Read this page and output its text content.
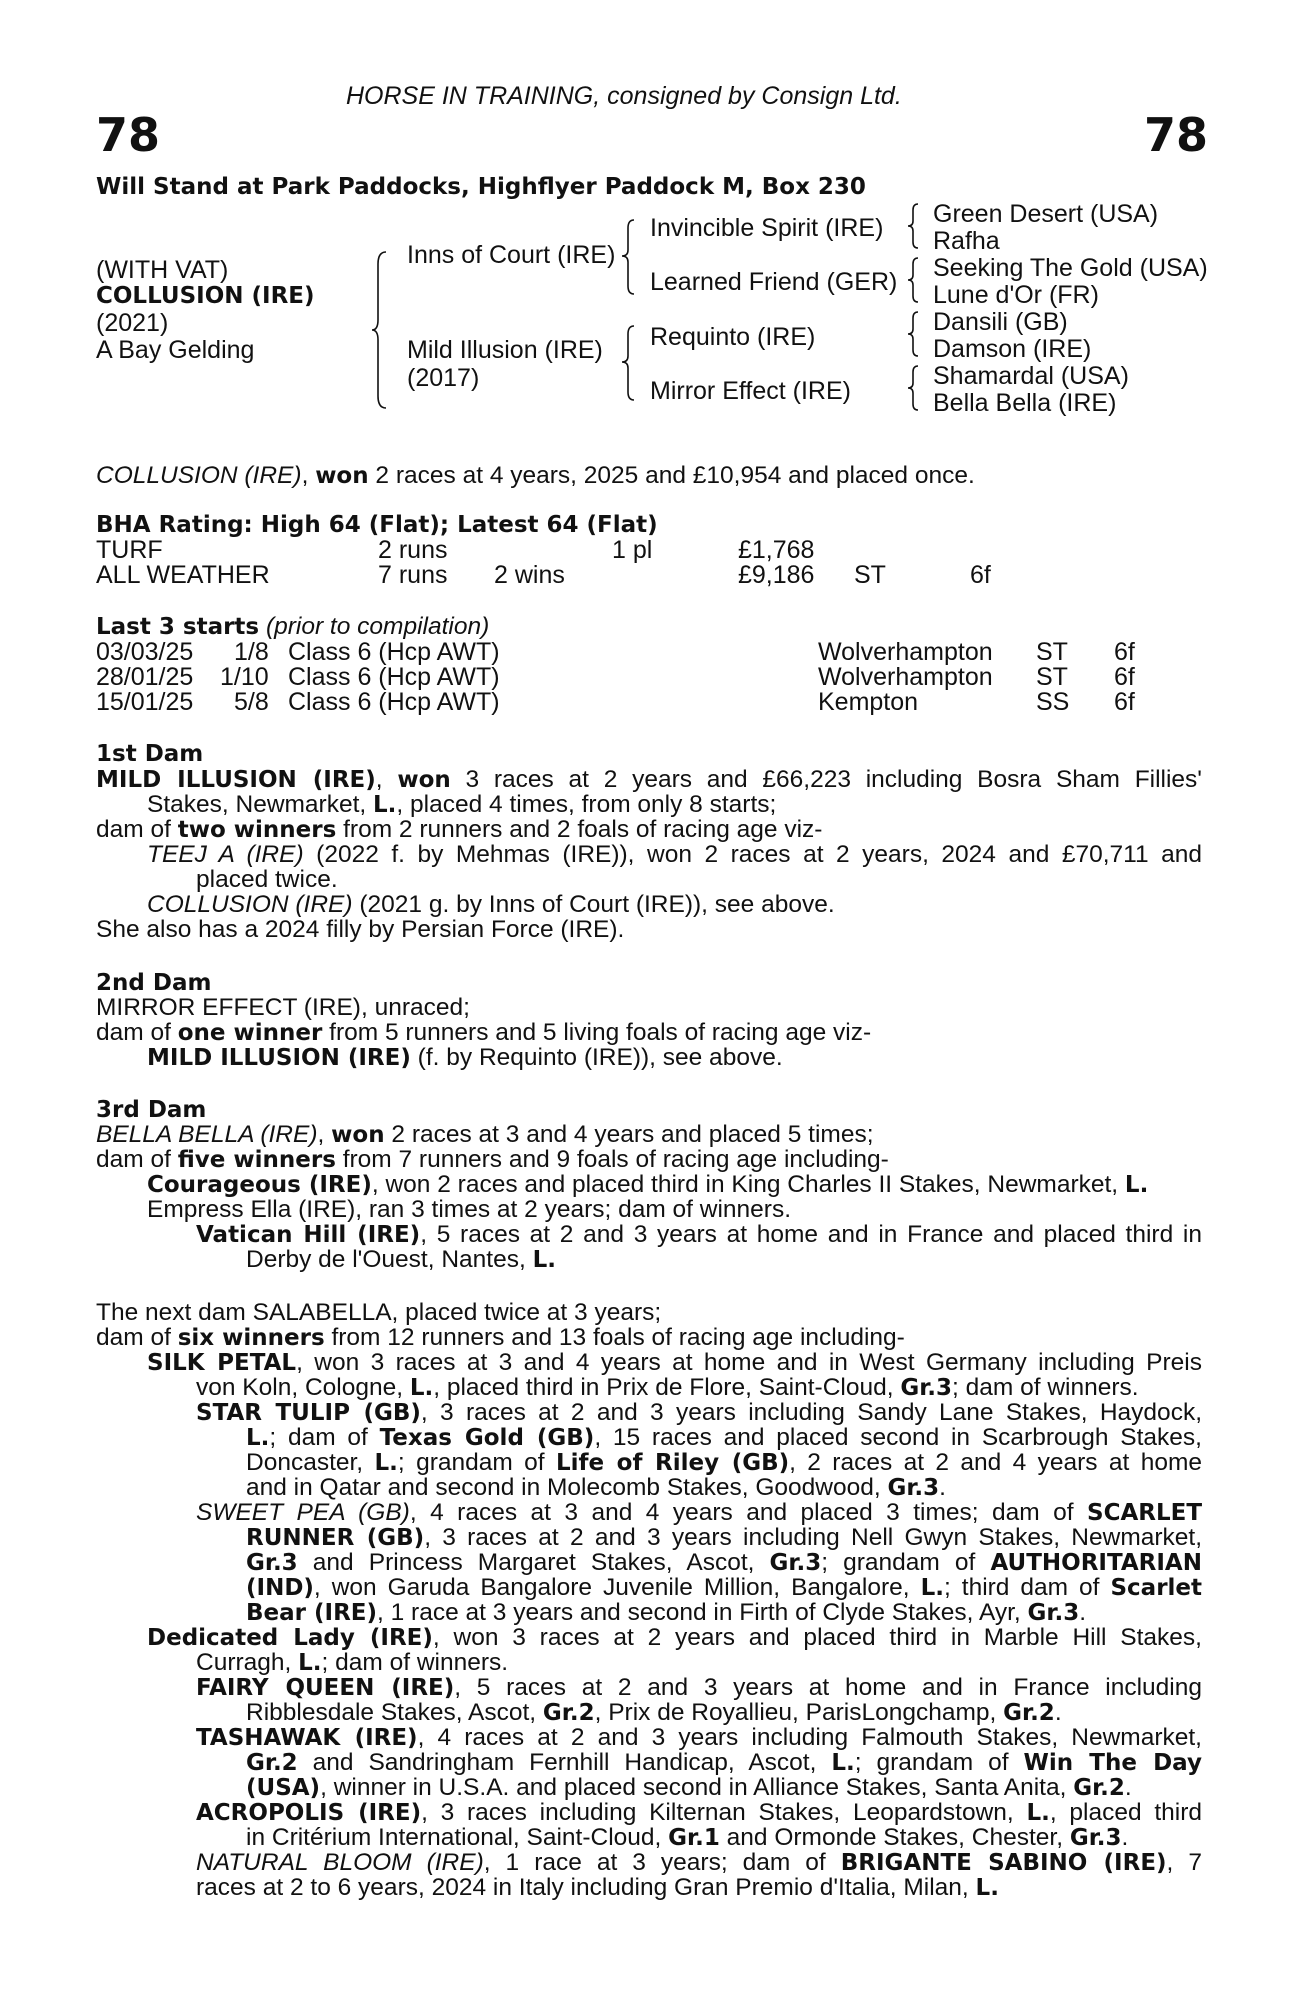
HORSE IN TRAINING, consigned by Consign Ltd.
78	78
Will Stand at Park Paddocks, Highflyer Paddock M, Box 230
(WITH VAT)
COLLUSION (IRE)
(2021)
A Bay Gelding
Inns of Court (IRE)
Mild Illusion (IRE)
(2017)
Invincible Spirit (IRE)
Learned Friend (GER)
Requinto (IRE)
Mirror Effect (IRE)
Green Desert (USA)
Rafha
Seeking The Gold (USA)
Lune d'Or (FR)
Dansili (GB)
Damson (IRE)
Shamardal (USA)
Bella Bella (IRE)
COLLUSION (IRE), won 2 races at 4 years, 2025 and £10,954 and placed once.
BHA Rating: High 64 (Flat); Latest 64 (Flat)
TURF	2 runs	1 pl	£1,768
ALL WEATHER	7 runs 2 wins	£9,186 ST	6f
Last 3 starts (prior to compilation)
03/03/25 1/8 Class 6 (Hcp AWT)	Wolverhampton ST 6f
28/01/25 1/10 Class 6 (Hcp AWT)	Wolverhampton ST 6f
15/01/25 5/8 Class 6 (Hcp AWT)	Kempton	SS 6f
1st Dam
MILD ILLUSION (IRE), won 3 races at 2 years and £66,223 including Bosra Sham Fillies'
Stakes, Newmarket, L., placed 4 times, from only 8 starts;
dam of two winners from 2 runners and 2 foals of racing age viz-
TEEJ A (IRE) (2022 f. by Mehmas (IRE)), won 2 races at 2 years, 2024 and £70,711 and
placed twice.
COLLUSION (IRE) (2021 g. by Inns of Court (IRE)), see above.
She also has a 2024 filly by Persian Force (IRE).
2nd Dam
MIRROR EFFECT (IRE), unraced;
dam of one winner from 5 runners and 5 living foals of racing age viz-
MILD ILLUSION (IRE) (f. by Requinto (IRE)), see above.
3rd Dam
BELLA BELLA (IRE), won 2 races at 3 and 4 years and placed 5 times;
dam of five winners from 7 runners and 9 foals of racing age including-
Courageous (IRE), won 2 races and placed third in King Charles II Stakes, Newmarket, L.
Empress Ella (IRE), ran 3 times at 2 years; dam of winners.
Vatican Hill (IRE), 5 races at 2 and 3 years at home and in France and placed third in
Derby de l'Ouest, Nantes, L.
The next dam SALABELLA, placed twice at 3 years;
dam of six winners from 12 runners and 13 foals of racing age including-
SILK PETAL, won 3 races at 3 and 4 years at home and in West Germany including Preis
von Koln, Cologne, L., placed third in Prix de Flore, Saint-Cloud, Gr.3; dam of winners.
STAR TULIP (GB), 3 races at 2 and 3 years including Sandy Lane Stakes, Haydock,
L.; dam of Texas Gold (GB), 15 races and placed second in Scarbrough Stakes,
Doncaster, L.; grandam of Life of Riley (GB), 2 races at 2 and 4 years at home
and in Qatar and second in Molecomb Stakes, Goodwood, Gr.3.
SWEET PEA (GB), 4 races at 3 and 4 years and placed 3 times; dam of SCARLET
RUNNER (GB), 3 races at 2 and 3 years including Nell Gwyn Stakes, Newmarket,
Gr.3 and Princess Margaret Stakes, Ascot, Gr.3; grandam of AUTHORITARIAN
(IND), won Garuda Bangalore Juvenile Million, Bangalore, L.; third dam of Scarlet
Bear (IRE), 1 race at 3 years and second in Firth of Clyde Stakes, Ayr, Gr.3.
Dedicated Lady (IRE), won 3 races at 2 years and placed third in Marble Hill Stakes,
Curragh, L.; dam of winners.
FAIRY QUEEN (IRE), 5 races at 2 and 3 years at home and in France including
Ribblesdale Stakes, Ascot, Gr.2, Prix de Royallieu, ParisLongchamp, Gr.2.
TASHAWAK (IRE), 4 races at 2 and 3 years including Falmouth Stakes, Newmarket,
Gr.2 and Sandringham Fernhill Handicap, Ascot, L.; grandam of Win The Day
(USA), winner in U.S.A. and placed second in Alliance Stakes, Santa Anita, Gr.2.
ACROPOLIS (IRE), 3 races including Kilternan Stakes, Leopardstown, L., placed third
in Critérium International, Saint-Cloud, Gr.1 and Ormonde Stakes, Chester, Gr.3.
NATURAL BLOOM (IRE), 1 race at 3 years; dam of BRIGANTE SABINO (IRE), 7
races at 2 to 6 years, 2024 in Italy including Gran Premio d'Italia, Milan, L.
